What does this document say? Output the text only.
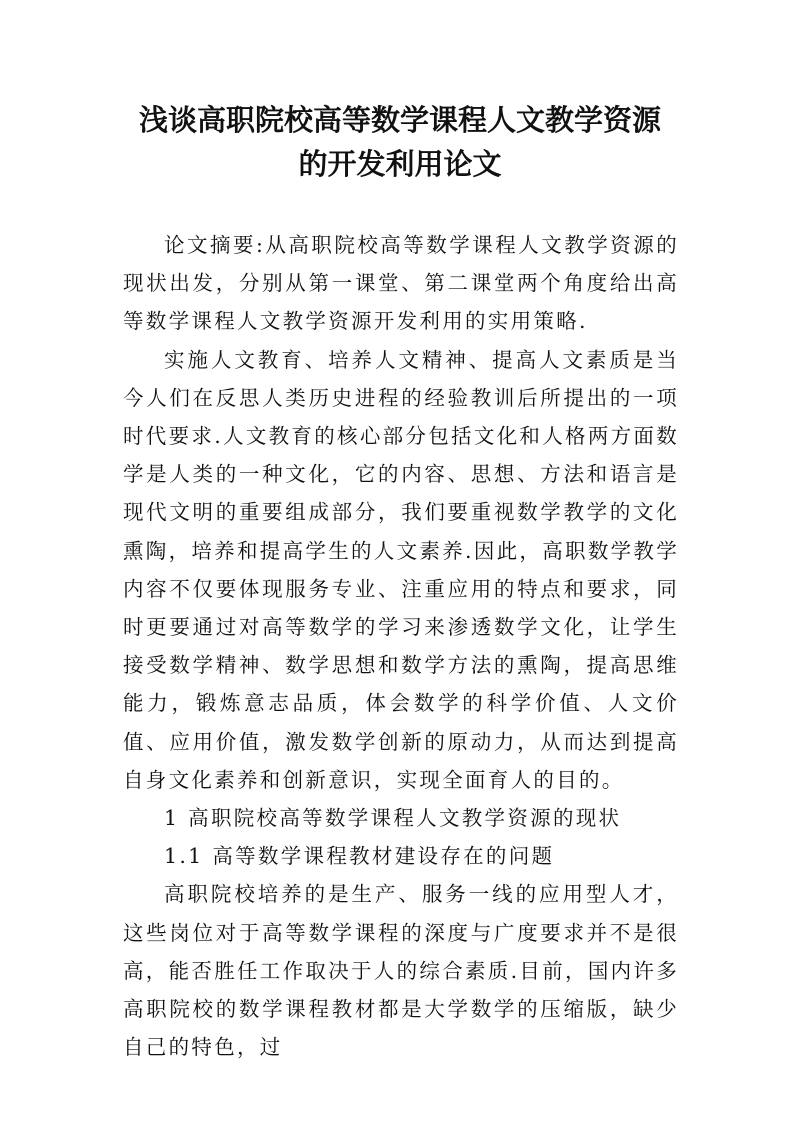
浅谈高职院校高等数学课程人文教学资源
的开发利用论文

论文摘要:从高职院校高等数学课程人文教学资源的现状出发，分别从第一课堂、第二课堂两个角度给出高等数学课程人文教学资源开发利用的实用策略.

实施人文教育、培养人文精神、提高人文素质是当今人们在反思人类历史进程的经验教训后所提出的一项时代要求.人文教育的核心部分包括文化和人格两方面数学是人类的一种文化，它的内容、思想、方法和语言是现代文明的重要组成部分，我们要重视数学教学的文化熏陶，培养和提高学生的人文素养.因此，高职数学教学内容不仅要体现服务专业、注重应用的特点和要求，同时更要通过对高等数学的学习来渗透数学文化，让学生接受数学精神、数学思想和数学方法的熏陶，提高思维能力，锻炼意志品质，体会数学的科学价值、人文价值、应用价值，激发数学创新的原动力，从而达到提高自身文化素养和创新意识，实现全面育人的目的。

1 高职院校高等数学课程人文教学资源的现状

1.1 高等数学课程教材建设存在的问题

高职院校培养的是生产、服务一线的应用型人才，这些岗位对于高等数学课程的深度与广度要求并不是很高，能否胜任工作取决于人的综合素质.目前，国内许多高职院校的数学课程教材都是大学数学的压缩版，缺少自己的特色，过
